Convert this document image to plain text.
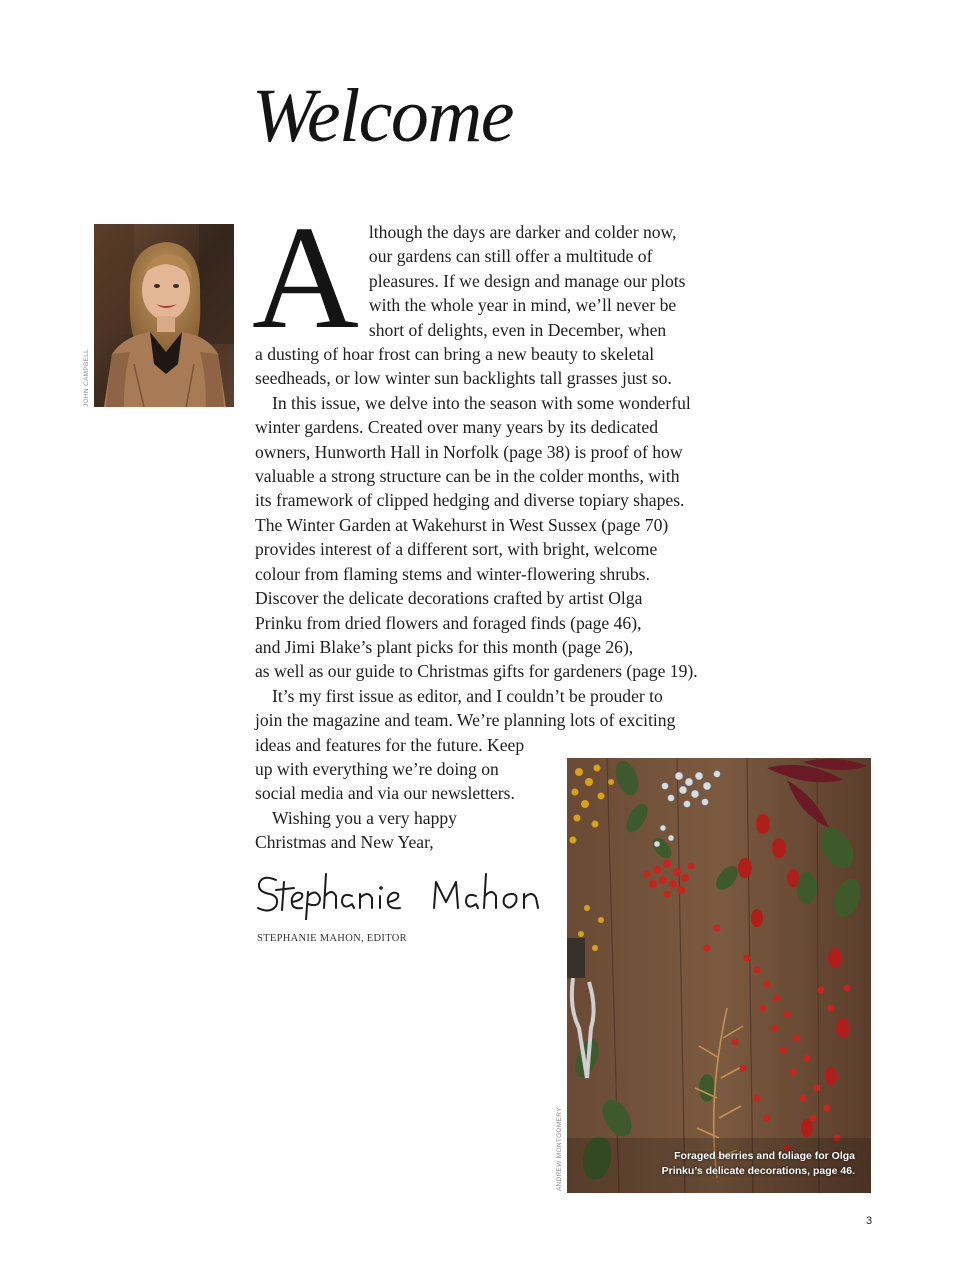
Welcome
JOHN CAMPBELL

A lthough the days are darker and colder now,
our gardens can still offer a multitude of
pleasures. If we design and manage our plots
with the whole year in mind, we’ll never be
short of delights, even in December, when
a dusting of hoar frost can bring a new beauty to skeletal
seedheads, or low winter sun backlights tall grasses just so.

In this issue, we delve into the season with some wonderful
winter gardens. Created over many years by its dedicated
owners, Hunworth Hall in Norfolk (page 38) is proof of how
valuable a strong structure can be in the colder months, with
its framework of clipped hedging and diverse topiary shapes.
The Winter Garden at Wakehurst in West Sussex (page 70)
provides interest of a different sort, with bright, welcome
colour from flaming stems and winter-flowering shrubs.
Discover the delicate decorations crafted by artist Olga
Prinku from dried flowers and foraged finds (page 46),
and Jimi Blake’s plant picks for this month (page 26),
as well as our guide to Christmas gifts for gardeners (page 19).

It’s my first issue as editor, and I couldn’t be prouder to
join the magazine and team. We’re planning lots of exciting
ideas and features for the future. Keep
up with everything we’re doing on
social media and via our newsletters.

Wishing you a very happy
Christmas and New Year,

STEPHANIE MAHON, EDITOR
Foraged berries and foliage for Olga
Prinku’s delicate decorations, page 46.
ANDREW MONTGOMERY
3
